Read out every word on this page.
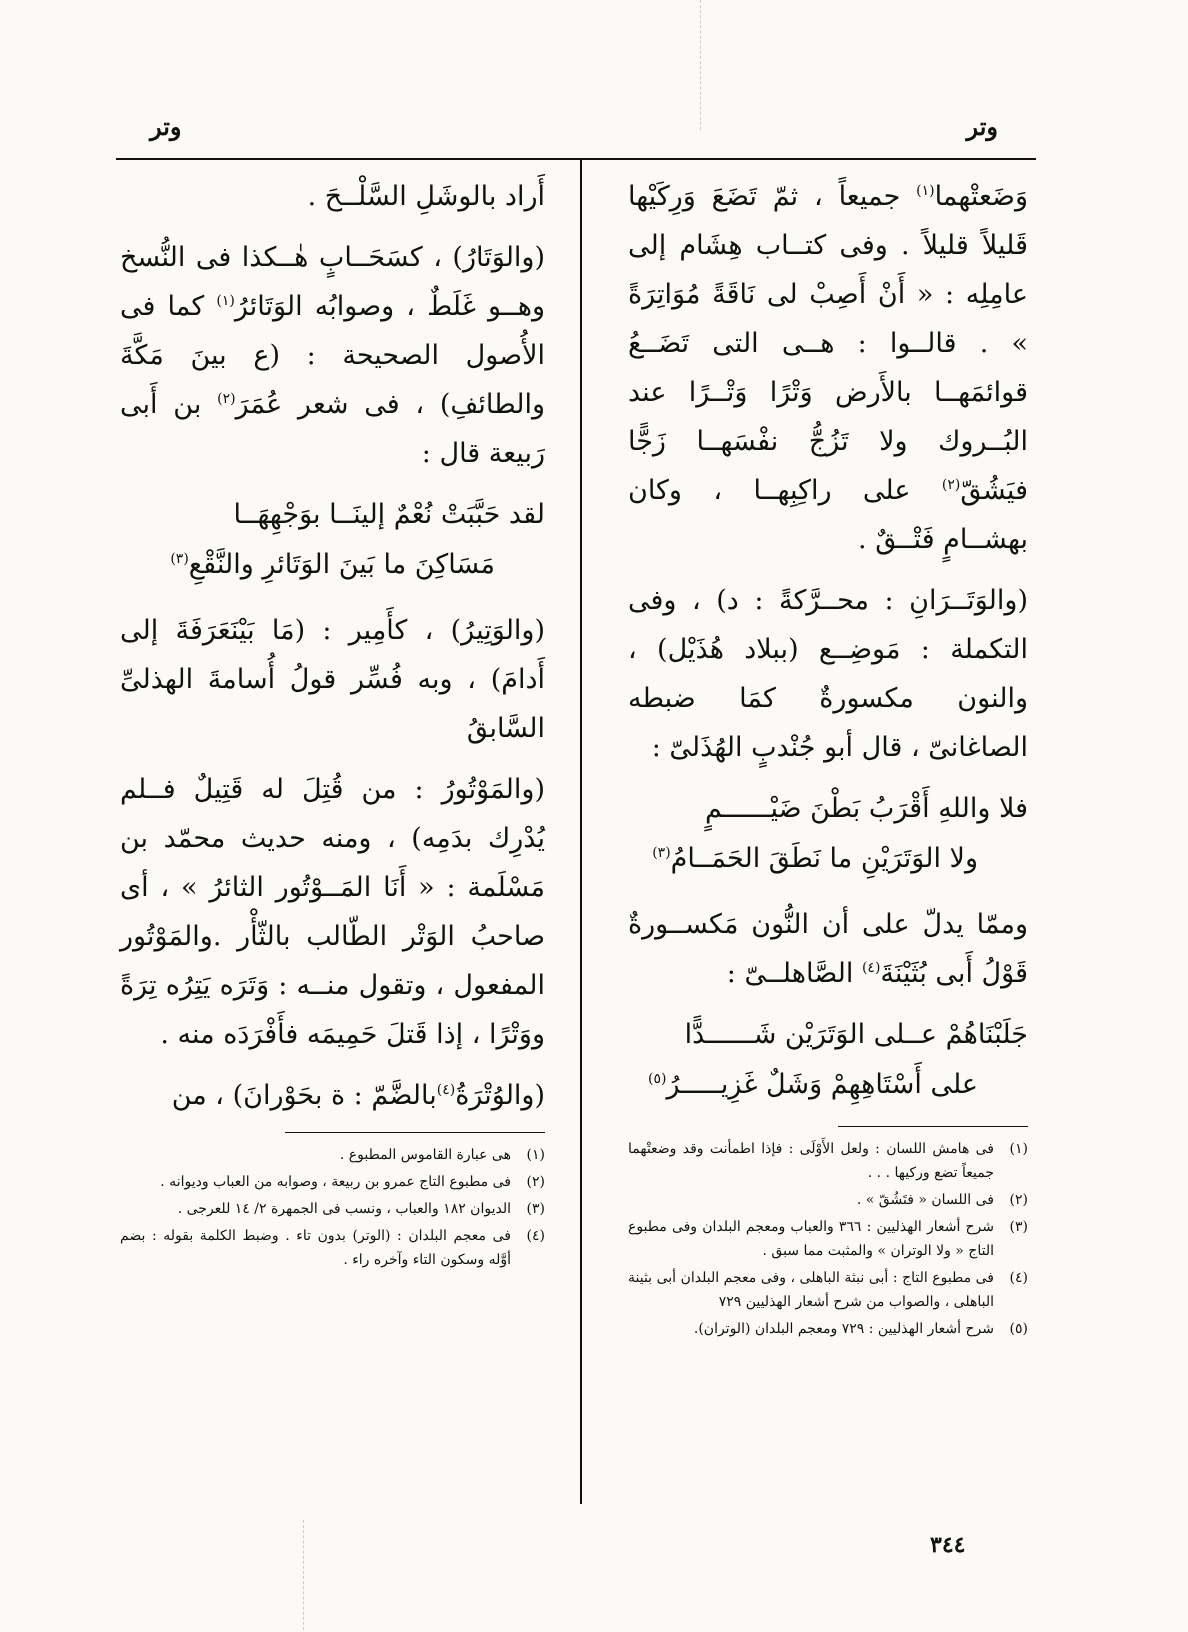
وتر
وتر

وَضَعتْهما$^{(١)}$ جميعاً ، ثمّ تَضَعَ وَرِكَيْها قَليلاً قليلاً . وفى كتــاب هِشَام إلى عامِلِه : « أَنْ أَصِبْ لى نَاقَةً مُوَاتِرَةً » . قالــوا : هــى التى تَضَــعُ قوائمَهــا بالأَرض وَتْرًا وَتْــرًا عند البُــروك ولا تَزُجُّ نفْسَهــا زَجًّا فيَشُقّ$^{(٢)}$ على راكِبِهــا ، وكان بهشــامٍ فَتْــقٌ .

(والوَتَــرَانِ : محــرَّكةً : د) ، وفى التكملة : مَوضِــع (ببلاد هُذَيْل) ، والنون مكسورةٌ كمَا ضبطه الصاغانىّ ، قال أبو جُنْدبٍ الهُذَلىّ :

فلا واللهِ أَقْرَبُ بَطْنَ ضَيْــــــمٍ
ولا الوَتَرَيْنِ ما نَطَقَ الحَمَــامُ$^{(٣)}$

وممّا يدلّ على أن النُّون مَكســورةٌ قَوْلُ أَبى بُثَيْنَةَ$^{(٤)}$ الصَّاهلــىّ :

جَلَبْنَاهُمْ عــلى الوَتَرَيْن شَــــــدًّا
على أَسْتَاهِهِمْ وَشَلٌ غَزِيـــــرُ$^{(٥)}$
(١)
فى هامش اللسان : ولعل الأَوْلَى : فإذا اطمأنت وقد وضعتْهما جميعاً تضع وركيها . . .
(٢)
فى اللسان « فتَشُقّ » .
(٣)
شرح أشعار الهذليين : ٣٦٦ والعباب ومعجم البلدان وفى مطبوع التاج « ولا الوتران » والمثبت مما سبق .
(٤)
فى مطبوع التاج : أبى نبثة الباهلى ، وفى معجم البلدان أبى بثينة الباهلى ، والصواب من شرح أشعار الهذليين ٧٢٩
(٥)
شرح أشعار الهذليين : ٧٢٩ ومعجم البلدان (الوتران).

أَراد بالوشَلِ السَّلْــحَ .

(والوَتَارُ) ، كسَحَــابٍ هٰــكذا فى النُّسخ وهــو غَلَطٌ ، وصوابُه الوَتَائرُ$^{(١)}$ كما فى الأُصول الصحيحة : (ع بينَ مَكَّةَ والطائفِ) ، فى شعر عُمَرَ$^{(٢)}$ بن أَبى رَبيعة قال :

لقد حَبَّبَتْ نُعْمٌ إلينَــا بوَجْهِهَــا
مَسَاكِنَ ما بَينَ الوَتَائرِ والنَّقْعِ$^{(٣)}$

(والوَتِيرُ) ، كأَمِير : (مَا بَيْنَعَرَفَةَ إلى أَدامَ) ، وبه فُسِّر قولُ أُسامةَ الهذلىِّ السَّابقُ

(والمَوْتُورُ : من قُتِلَ له قَتِيلٌ فــلم يُدْرِك بدَمِه) ، ومنه حديث محمّد بن مَسْلَمة : « أَنَا المَــوْتُور الثائرُ » ، أى صاحبُ الوَتْر الطّالب بالثّأْر .والمَوْتُور المفعول ، وتقول منــه : وَتَرَه يَتِرُه تِرَةً ووَتْرًا ، إذا قَتلَ حَمِيمَه فأَفْرَدَه منه .

(والوُتْرَةُ$^{(٤)}$بالضَّمّ : ة بحَوْرانَ) ، من

(١)
هى عبارة القاموس المطبوع .
(٢)
فى مطبوع التاج عمرو بن ربيعة ، وصوابه من العباب وديوانه .
(٣)
الديوان ١٨٢ والعباب ، ونسب فى الجمهرة ٢/ ١٤ للعرجى .
(٤)
فى معجم البلدان : (الوتر) بدون تاء . وضبط الكلمة بقوله : بضم أوَّله وسكون التاء وآخره راء .
٣٤٤
